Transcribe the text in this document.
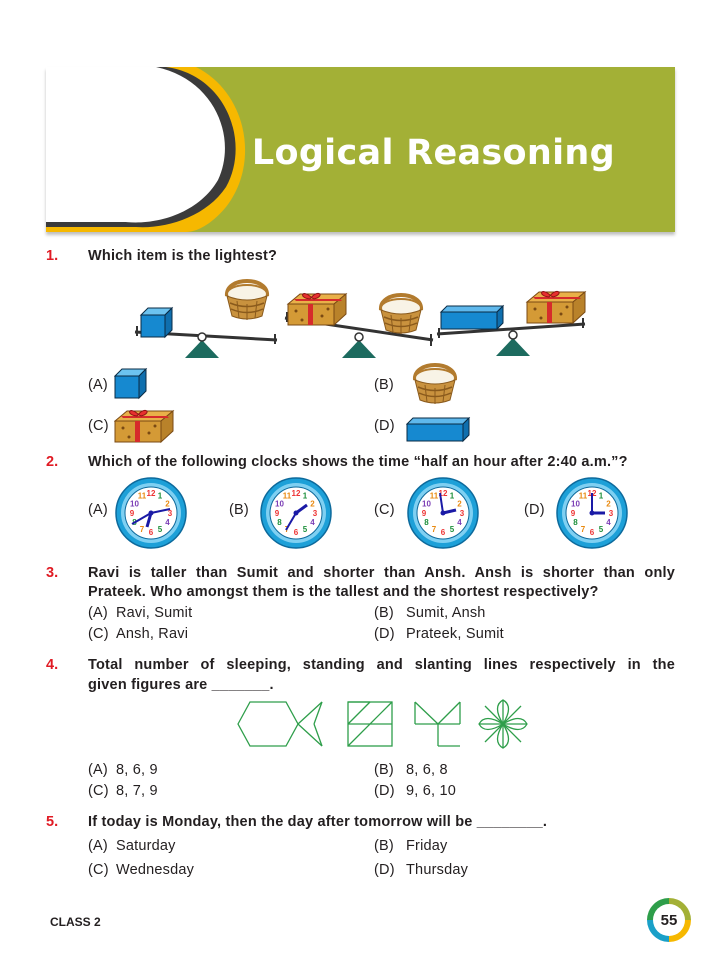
Logical Reasoning
1. Which item is the lightest?
(A)	(B)
(C)	(D)
2. Which of the following clocks shows the time “half an hour after 2:40 a.m.”?
(A)	(B)	(C)	(D)
3. Ravi is taller than Sumit and shorter than Ansh. Ansh is shorter than only
Prateek. Who amongst them is the tallest and the shortest respectively?
(A) Ravi, Sumit	(B) Sumit, Ansh
(C) Ansh, Ravi	(D) Prateek, Sumit
4. Total number of sleeping, standing and slanting lines respectively in the
given figures are _______.
(A) 8, 6, 9	(B) 8, 6, 8
(C) 8, 7, 9	(D) 9, 6, 10
5. If today is Monday, then the day after tomorrow will be ________.
(A) Saturday	(B) Friday
(C) Wednesday	(D) Thursday
CLASS 2	55
